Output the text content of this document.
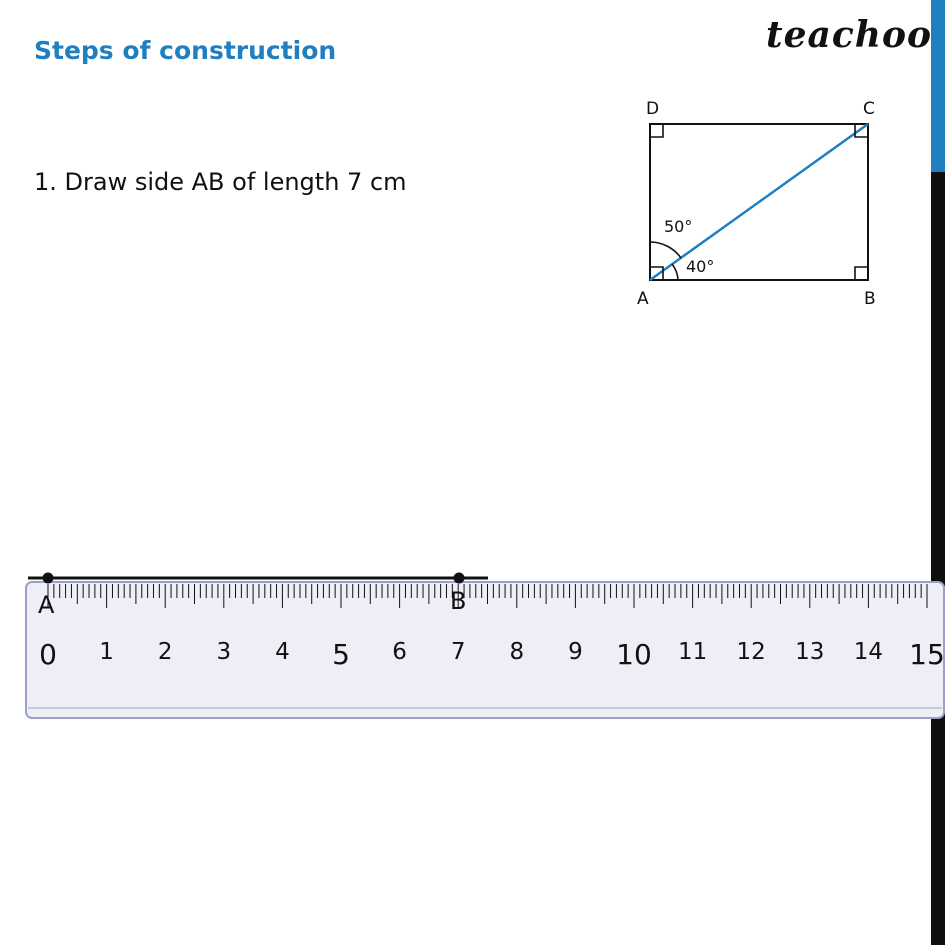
Steps of construction	teachoo
1. Draw side AB of length 7 cm
D	C
A	B
50°
40°
0 1 2 3 4 5 6 7 8 9 10 11 12 13 14 15
A	B
